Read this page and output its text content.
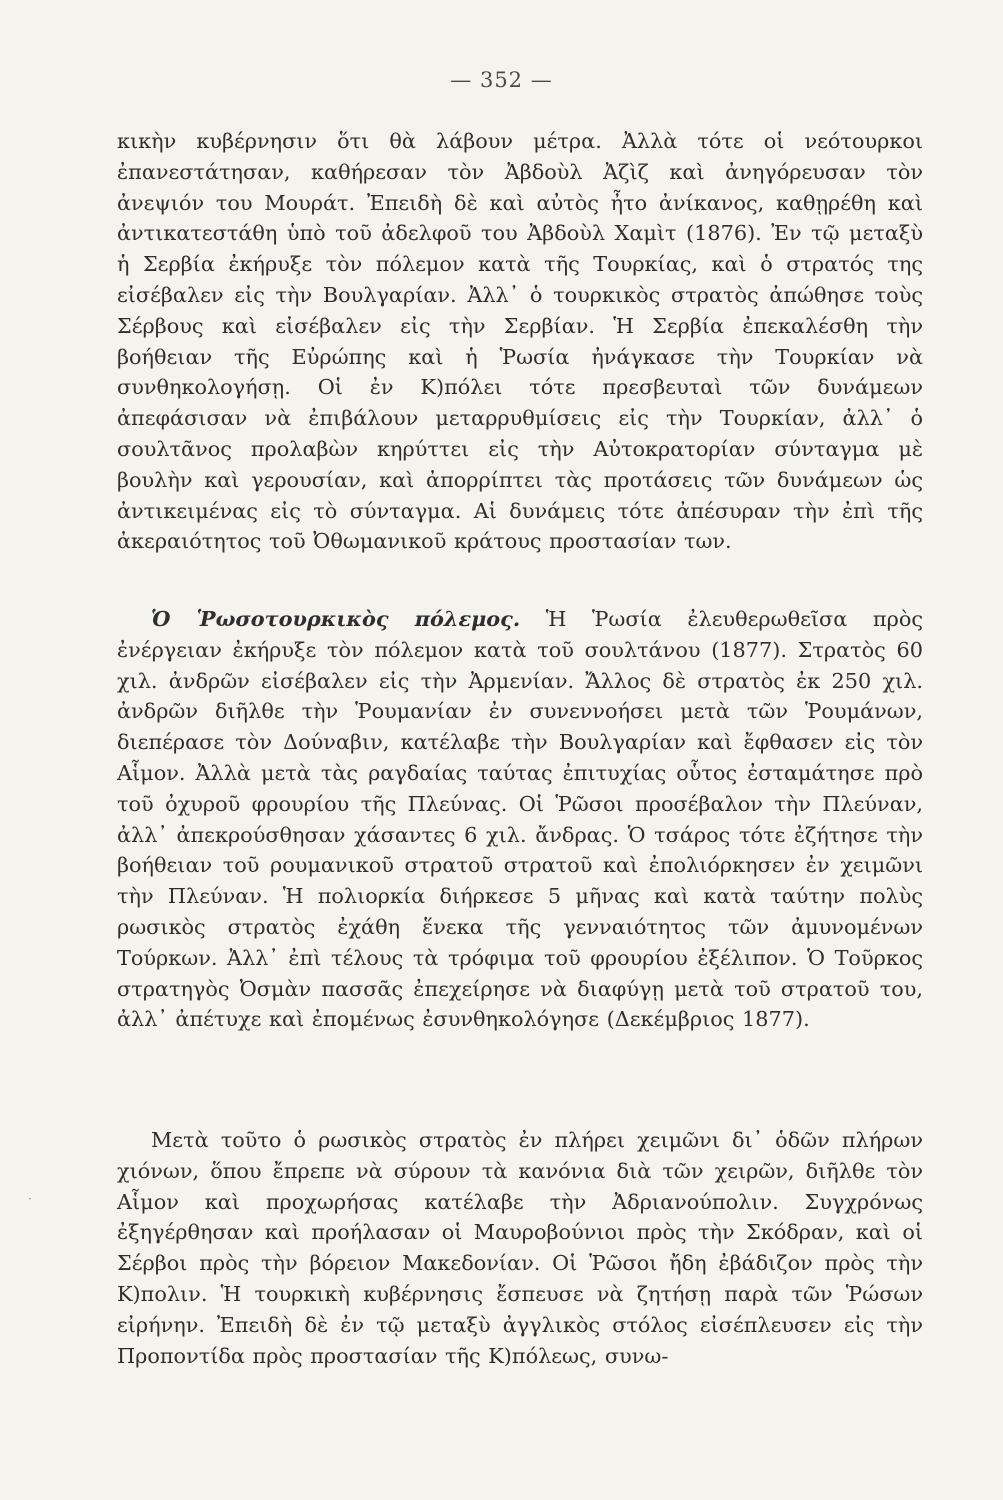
— 352 —

κικὴν κυβέρνησιν ὅτι θὰ λάβουν μέτρα. Ἀλλὰ τότε οἱ νεότουρκοι ἐπανεστάτησαν, καθήρεσαν τὸν Ἀβδοὺλ Ἀζὶζ καὶ ἀνηγόρευσαν τὸν ἀνεψιόν του Μουράτ. Ἐπειδὴ δὲ καὶ αὐτὸς ἦτο ἀνίκανος, καθῃρέθη καὶ ἀντικατεστάθη ὑπὸ τοῦ ἀδελφοῦ του Ἀβδοὺλ Χαμὶτ (1876). Ἐν τῷ μεταξὺ ἡ Σερβία ἐκήρυξε τὸν πόλεμον κατὰ τῆς Τουρκίας, καὶ ὁ στρατός της εἰσέβαλεν εἰς τὴν Βουλγαρίαν. Ἀλλ᾽ ὁ τουρκικὸς στρατὸς ἀπώθησε τοὺς Σέρβους καὶ εἰσέβαλεν εἰς τὴν Σερβίαν. Ἡ Σερβία ἐπεκαλέσθη τὴν βοήθειαν τῆς Εὐρώπης καὶ ἡ Ῥωσία ἠνάγκασε τὴν Τουρκίαν νὰ συνθηκολογήσῃ. Οἱ ἐν Κ)πόλει τότε πρεσβευταὶ τῶν δυνάμεων ἀπεφάσισαν νὰ ἐπιβάλουν μεταρρυθμίσεις εἰς τὴν Τουρκίαν, ἀλλ᾽ ὁ σουλτᾶνος προλαβὼν κηρύττει εἰς τὴν Αὐτοκρατορίαν σύνταγμα μὲ βουλὴν καὶ γερουσίαν, καὶ ἀπορρίπτει τὰς προτάσεις τῶν δυνάμεων ὡς ἀντικειμένας εἰς τὸ σύνταγμα. Αἱ δυνάμεις τότε ἀπέσυραν τὴν ἐπὶ τῆς ἀκεραιότητος τοῦ Ὀθωμανικοῦ κράτους προστασίαν των.

Ὁ Ῥωσοτουρκικὸς πόλεμος. Ἡ Ῥωσία ἐλευθερωθεῖσα πρὸς ἐνέργειαν ἐκήρυξε τὸν πόλεμον κατὰ τοῦ σουλτάνου (1877). Στρατὸς 60 χιλ. ἀνδρῶν εἰσέβαλεν εἰς τὴν Ἀρμενίαν. Ἄλλος δὲ στρατὸς ἐκ 250 χιλ. ἀνδρῶν διῆλθε τὴν Ῥουμανίαν ἐν συνεννοήσει μετὰ τῶν Ῥουμάνων, διεπέρασε τὸν Δούναβιν, κατέλαβε τὴν Βουλγαρίαν καὶ ἔφθασεν εἰς τὸν Αἷμον. Ἀλλὰ μετὰ τὰς ραγδαίας ταύτας ἐπιτυχίας οὗτος ἐσταμάτησε πρὸ τοῦ ὀχυροῦ φρουρίου τῆς Πλεύνας. Οἱ Ῥῶσοι προσέβαλον τὴν Πλεύναν, ἀλλ᾽ ἀπεκρούσθησαν χάσαντες 6 χιλ. ἄνδρας. Ὁ τσάρος τότε ἐζήτησε τὴν βοήθειαν τοῦ ρουμανικοῦ στρατοῦ στρατοῦ καὶ ἐπολιόρκησεν ἐν χειμῶνι τὴν Πλεύναν. Ἡ πολιορκία διήρκεσε 5 μῆνας καὶ κατὰ ταύτην πολὺς ρωσικὸς στρατὸς ἐχάθη ἕνεκα τῆς γενναιότητος τῶν ἀμυνομένων Τούρκων. Ἀλλ᾽ ἐπὶ τέλους τὰ τρόφιμα τοῦ φρουρίου ἐξέλιπον. Ὁ Τοῦρκος στρατηγὸς Ὀσμὰν πασσᾶς ἐπεχείρησε νὰ διαφύγῃ μετὰ τοῦ στρατοῦ του, ἀλλ᾽ ἀπέτυχε καὶ ἐπομένως ἐσυνθηκολόγησε (Δεκέμβριος 1877).

Μετὰ τοῦτο ὁ ρωσικὸς στρατὸς ἐν πλήρει χειμῶνι δι᾽ ὁδῶν πλήρων χιόνων, ὅπου ἔπρεπε νὰ σύρουν τὰ κανόνια διὰ τῶν χειρῶν, διῆλθε τὸν Αἷμον καὶ προχωρήσας κατέλαβε τὴν Ἀδριανούπολιν. Συγχρόνως ἐξηγέρθησαν καὶ προήλασαν οἱ Μαυροβούνιοι πρὸς τὴν Σκόδραν, καὶ οἱ Σέρβοι πρὸς τὴν βόρειον Μακεδονίαν. Οἱ Ῥῶσοι ἤδη ἐβάδιζον πρὸς τὴν Κ)πολιν. Ἡ τουρκικὴ κυβέρνησις ἔσπευσε νὰ ζητήσῃ παρὰ τῶν Ῥώσων εἰρήνην. Ἐπειδὴ δὲ ἐν τῷ μεταξὺ ἀγγλικὸς στόλος εἰσέπλευσεν εἰς τὴν Προποντίδα πρὸς προστασίαν τῆς Κ)πόλεως, συνω-

·
